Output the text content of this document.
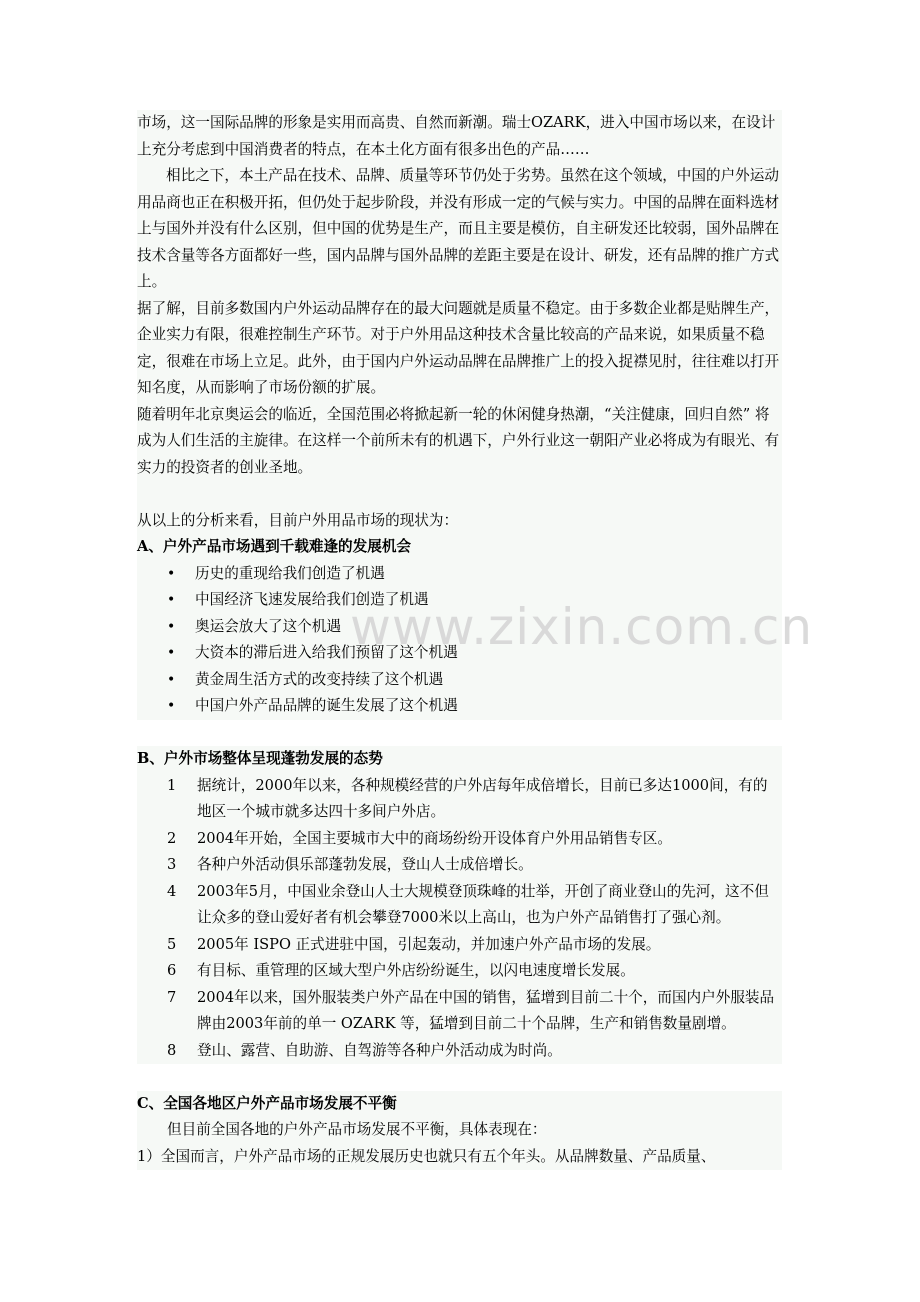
市场，这一国际品牌的形象是实用而高贵、自然而新潮。瑞士OZARK，进入中国市场以来，在设计上充分考虑到中国消费者的特点，在本土化方面有很多出色的产品……

相比之下，本土产品在技术、品牌、质量等环节仍处于劣势。虽然在这个领域，中国的户外运动用品商也正在积极开拓，但仍处于起步阶段，并没有形成一定的气候与实力。中国的品牌在面料选材上与国外并没有什么区别，但中国的优势是生产，而且主要是模仿，自主研发还比较弱，国外品牌在技术含量等各方面都好一些，国内品牌与国外品牌的差距主要是在设计、研发，还有品牌的推广方式上。

据了解，目前多数国内户外运动品牌存在的最大问题就是质量不稳定。由于多数企业都是贴牌生产，企业实力有限，很难控制生产环节。对于户外用品这种技术含量比较高的产品来说，如果质量不稳定，很难在市场上立足。此外，由于国内户外运动品牌在品牌推广上的投入捉襟见肘，往往难以打开知名度，从而影响了市场份额的扩展。

随着明年北京奥运会的临近，全国范围必将掀起新一轮的休闲健身热潮，“关注健康，回归自然” 将成为人们生活的主旋律。在这样一个前所未有的机遇下，户外行业这一朝阳产业必将成为有眼光、有实力的投资者的创业圣地。

从以上的分析来看，目前户外用品市场的现状为：

A、户外产品市场遇到千载难逢的发展机会

• 历史的重现给我们创造了机遇
• 中国经济飞速发展给我们创造了机遇
• 奥运会放大了这个机遇
• 大资本的滞后进入给我们预留了这个机遇
• 黄金周生活方式的改变持续了这个机遇
• 中国户外产品品牌的诞生发展了这个机遇

B、户外市场整体呈现蓬勃发展的态势

1	据统计，2000年以来，各种规模经营的户外店每年成倍增长，目前已多达1000间，有的地区一个城市就多达四十多间户外店。
2	2004年开始，全国主要城市大中的商场纷纷开设体育户外用品销售专区。
3	各种户外活动俱乐部蓬勃发展，登山人士成倍增长。
4	2003年5月，中国业余登山人士大规模登顶珠峰的壮举，开创了商业登山的先河，这不但让众多的登山爱好者有机会攀登7000米以上高山，也为户外产品销售打了强心剂。
5	2005年 ISPO 正式进驻中国，引起轰动，并加速户外产品市场的发展。
6	有目标、重管理的区域大型户外店纷纷诞生，以闪电速度增长发展。
7	2004年以来，国外服装类户外产品在中国的销售，猛增到目前二十个，而国内户外服装品牌由2003年前的单一 OZARK 等，猛增到目前二十个品牌，生产和销售数量剧增。
8	登山、露营、自助游、自驾游等各种户外活动成为时尚。

C、全国各地区户外产品市场发展不平衡

但目前全国各地的户外产品市场发展不平衡，具体表现在：

1）全国而言，户外产品市场的正规发展历史也就只有五个年头。从品牌数量、产品质量、

www.zixin.com.cn
